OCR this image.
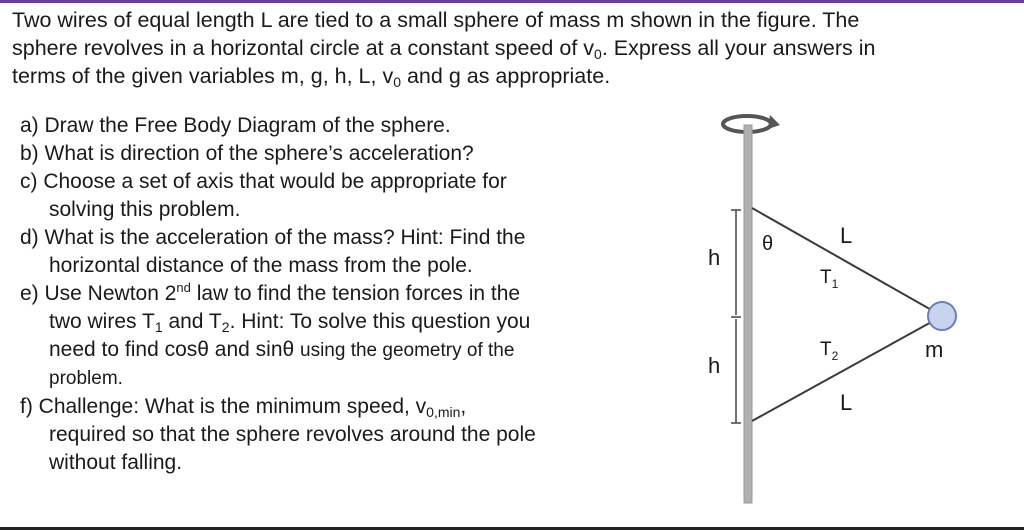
Two wires of equal length L are tied to a small sphere of mass m shown in the figure. The
sphere revolves in a horizontal circle at a constant speed of $v_0$. Express all your answers in
terms of the given variables m, g, h, L, $v_0$ and g as appropriate.
a) Draw the Free Body Diagram of the sphere.
b) What is direction of the sphere’s acceleration?
c) Choose a set of axis that would be appropriate for
solving this problem.
d) What is the acceleration of the mass? Hint: Find the
horizontal distance of the mass from the pole.
e) Use Newton 2nd law to find the tension forces in the
two wires $T_1$ and $T_2$. Hint: To solve this question you
need to find cosθ and sinθ using the geometry of the
problem.
f) Challenge: What is the minimum speed, $v_{0,min}$,
required so that the sphere revolves around the pole
without falling.
h
h
θ	L
L
$T_1$
$T_2$	m
